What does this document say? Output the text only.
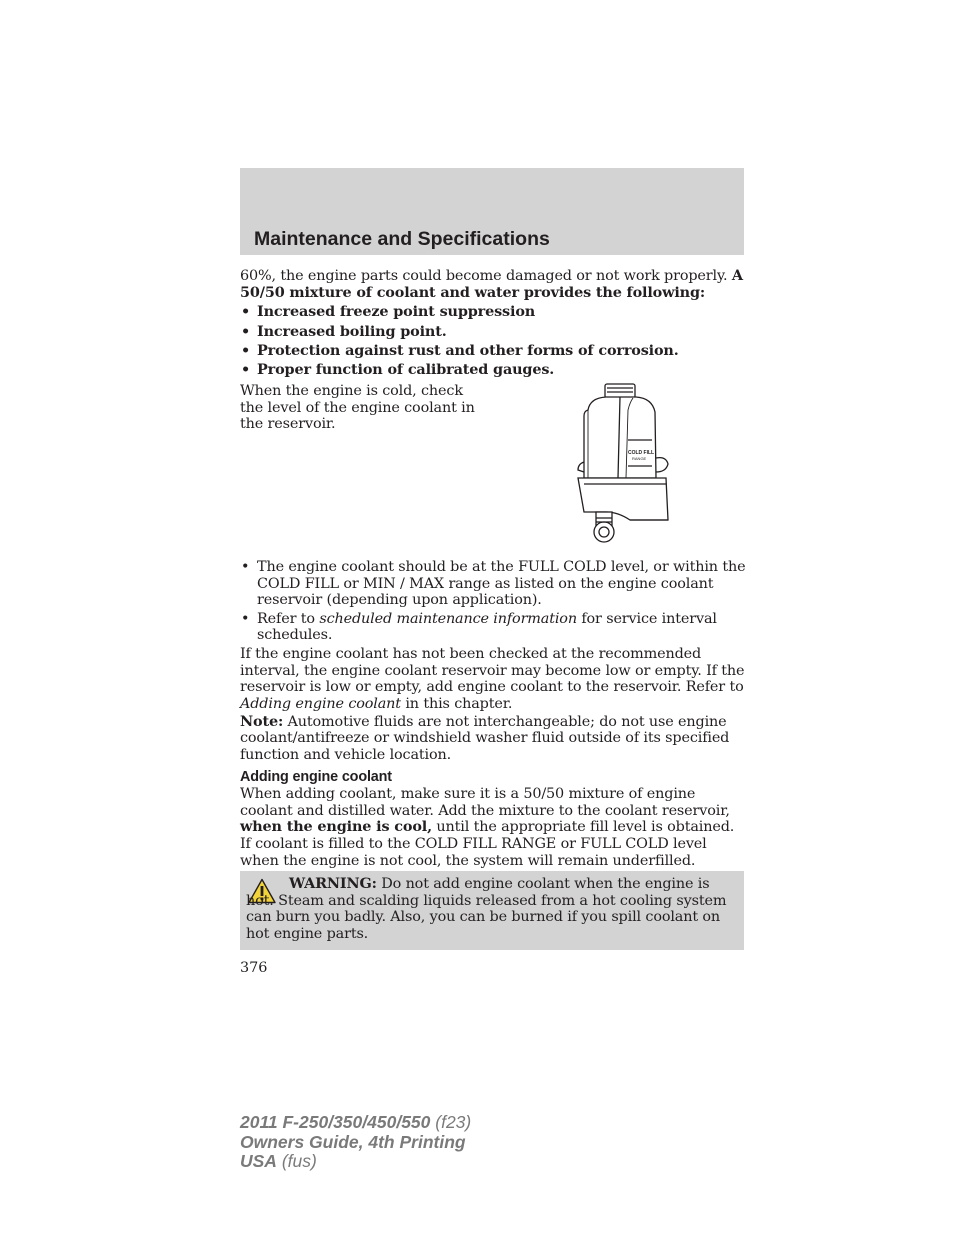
Maintenance and Specifications

60%, the engine parts could become damaged or not work properly. A 50/50 mixture of coolant and water provides the following:

• Increased freeze point suppression
• Increased boiling point.
• Protection against rust and other forms of corrosion.
• Proper function of calibrated gauges.

When the engine is cold, check the level of the engine coolant in the reservoir.

COLD FILL
RANGE
• The engine coolant should be at the FULL COLD level, or within the COLD FILL or MIN / MAX range as listed on the engine coolant reservoir (depending upon application).
• Refer to scheduled maintenance information for service interval schedules.

If the engine coolant has not been checked at the recommended interval, the engine coolant reservoir may become low or empty. If the reservoir is low or empty, add engine coolant to the reservoir. Refer to Adding engine coolant in this chapter.

Note: Automotive fluids are not interchangeable; do not use engine coolant/antifreeze or windshield washer fluid outside of its specified function and vehicle location.

Adding engine coolant

When adding coolant, make sure it is a 50/50 mixture of engine coolant and distilled water. Add the mixture to the coolant reservoir, when the engine is cool, until the appropriate fill level is obtained. If coolant is filled to the COLD FILL RANGE or FULL COLD level when the engine is not cool, the system will remain underfilled.

WARNING: Do not add engine coolant when the engine is hot. Steam and scalding liquids released from a hot cooling system can burn you badly. Also, you can be burned if you spill coolant on hot engine parts.
376
2011 F-250/350/450/550 (f23)
Owners Guide, 4th Printing
USA (fus)
